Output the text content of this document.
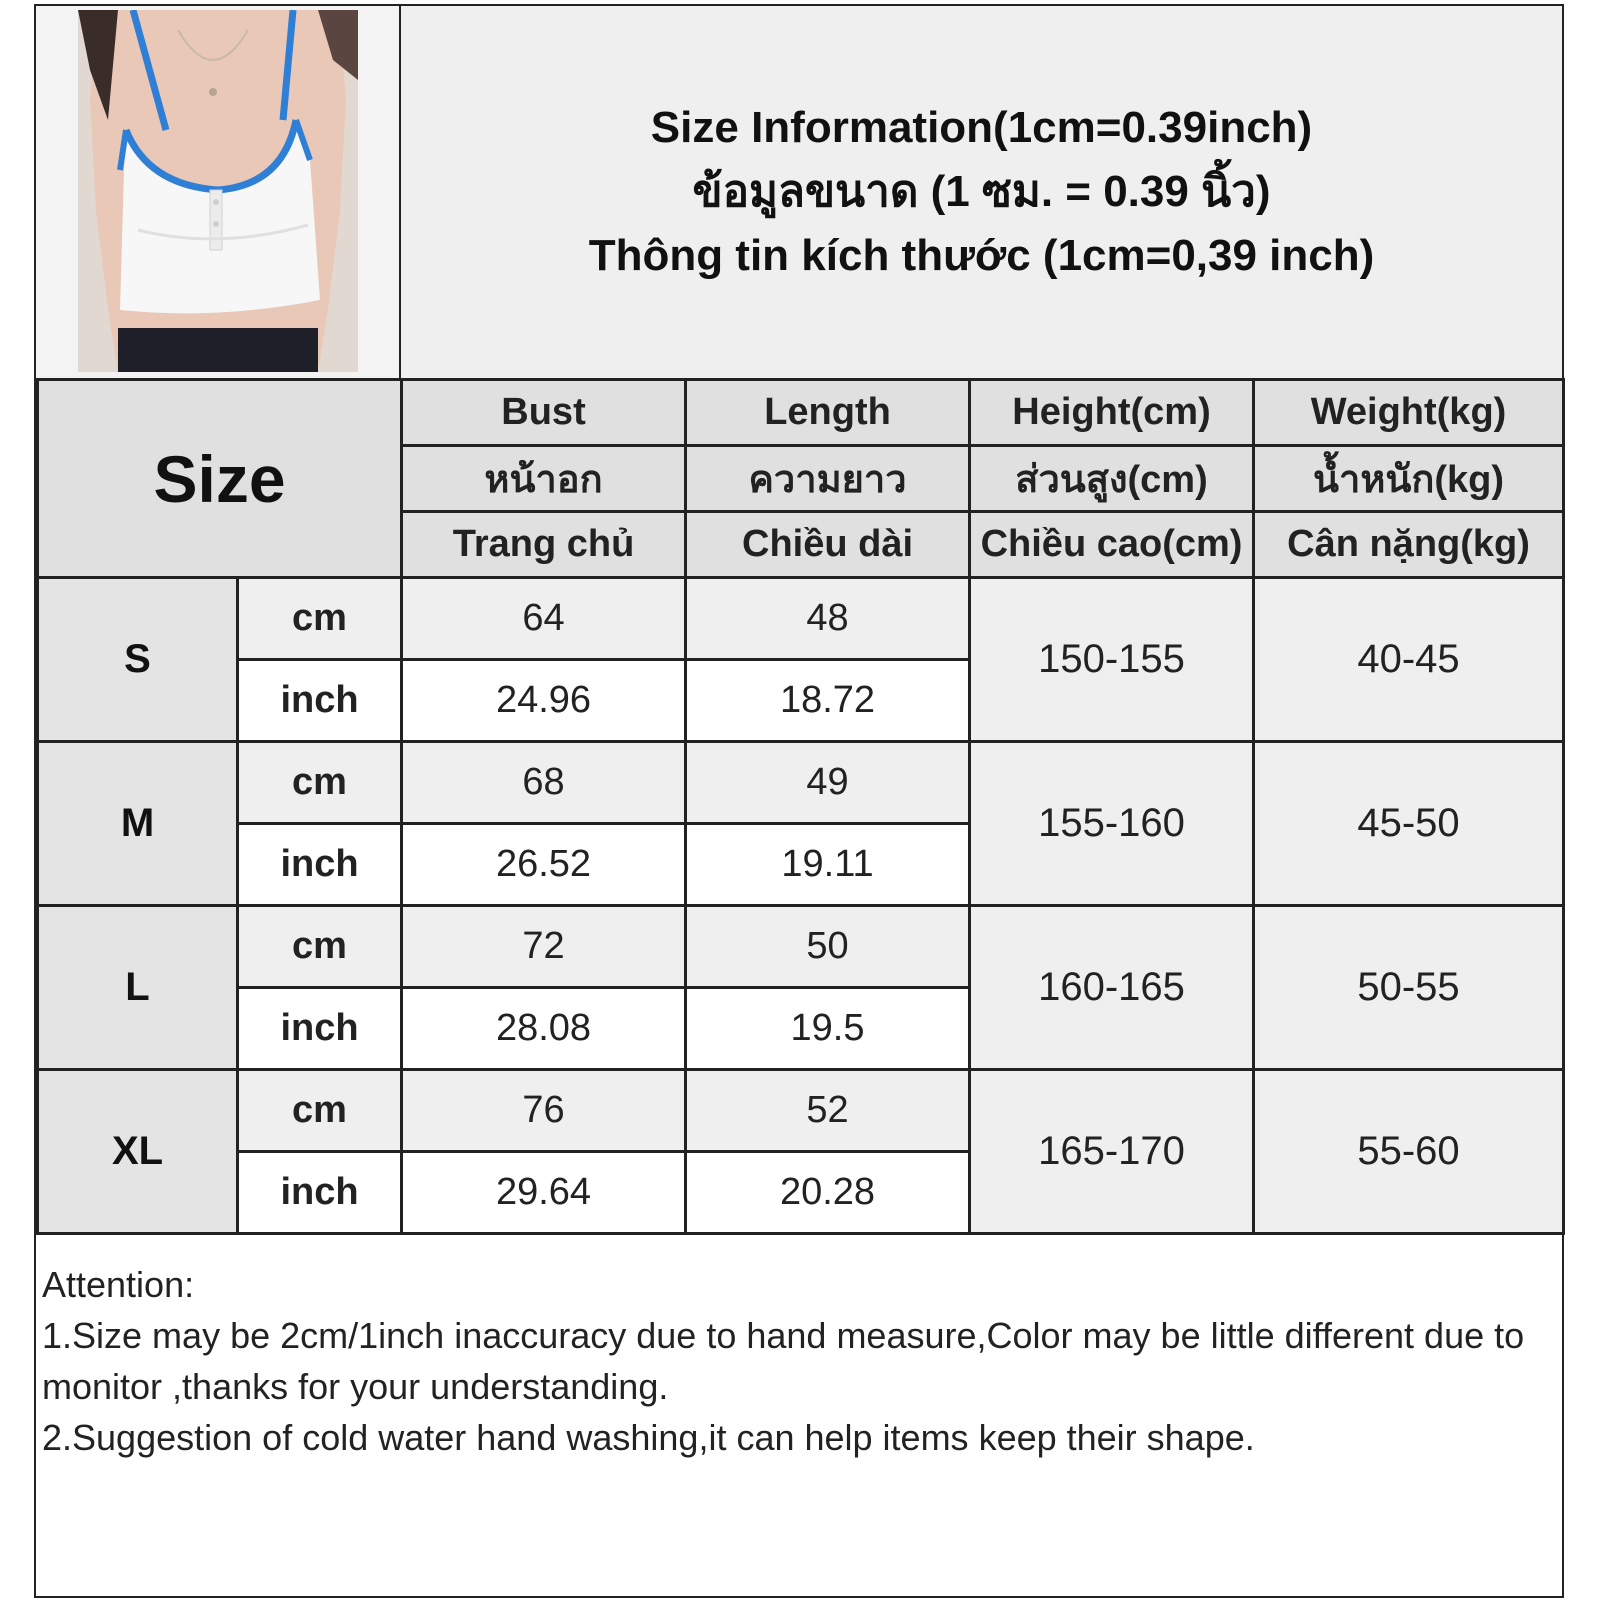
Size Information(1cm=0.39inch)
ข้อมูลขนาด (1 ซม. = 0.39 นิ้ว)
Thông tin kích thước (1cm=0,39 inch)
Size		Bust	Length	Height(cm)	Weight(kg)
		หน้าอก	ความยาว	ส่วนสูง(cm)	น้ำหนัก(kg)
		Trang chủ	Chiều dài	Chiều cao(cm)	Cân nặng(kg)
S	cm	64	48	150-155	40-45
	inch	24.96	18.72		
M	cm	68	49	155-160	45-50
	inch	26.52	19.11		
L	cm	72	50	160-165	50-55
	inch	28.08	19.5		
XL	cm	76	52	165-170	55-60
	inch	29.64	20.28		
Attention:
1.Size may be 2cm/1inch inaccuracy due to hand measure,Color may be little different due to monitor ,thanks for your understanding.
2.Suggestion of cold water hand washing,it can help items keep their shape.
